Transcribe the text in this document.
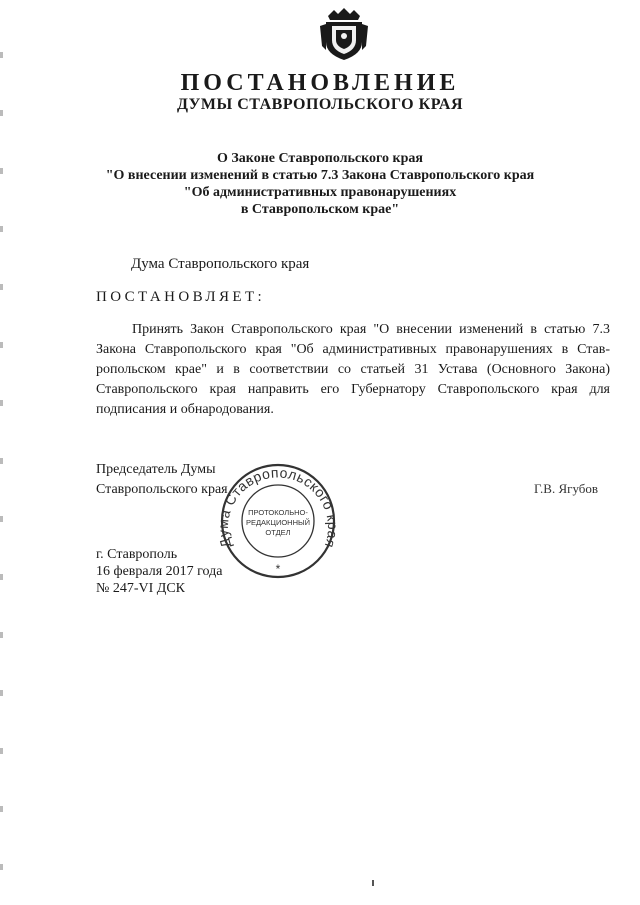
ПОСТАНОВЛЕНИЕ
ДУМЫ СТАВРОПОЛЬСКОГО КРАЯ
О Законе Ставропольского края
"О внесении изменений в статью 7.3 Закона Ставропольского края
"Об административных правонарушениях
в Ставропольском крае"
Дума Ставропольского края
ПОСТАНОВЛЯЕТ:
Принять Закон Ставропольского края "О внесении изменений в статью 7.3
Закона Ставропольского края "Об административных правонарушениях в Став-
ропольском крае" и в соответствии со статьей 31 Устава (Основного Закона)
Ставропольского края направить его Губернатору Ставропольского края для
подписания и обнародования.
Председатель Думы
Ставропольского края	Г.В. Ягубов
г. Ставрополь
16 февраля 2017 года
№ 247-VI ДСК
Дума Ставропольского края
ПРОТОКОЛЬНО-
РЕДАКЦИОННЫЙ
ОТДЕЛ
*
